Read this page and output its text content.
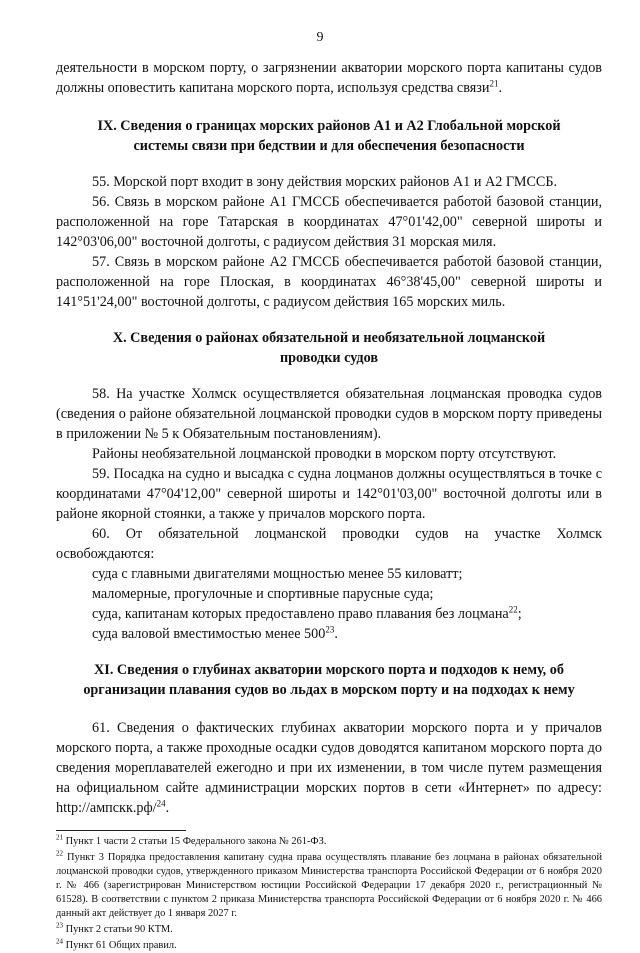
9

деятельности в морском порту, о загрязнении акватории морского порта капитаны судов должны оповестить капитана морского порта, используя средства связи$^{21}$.

IX. Сведения о границах морских районов А1 и А2 Глобальной морской системы связи при бедствии и для обеспечения безопасности

55. Морской порт входит в зону действия морских районов А1 и А2 ГМССБ.

56. Связь в морском районе А1 ГМССБ обеспечивается работой базовой станции, расположенной на горе Татарская в координатах 47°01'42,00" северной широты и 142°03'06,00" восточной долготы, с радиусом действия 31 морская миля.

57. Связь в морском районе А2 ГМССБ обеспечивается работой базовой станции, расположенной на горе Плоская, в координатах 46°38'45,00" северной широты и 141°51'24,00" восточной долготы, с радиусом действия 165 морских миль.

X. Сведения о районах обязательной и необязательной лоцманской проводки судов

58. На участке Холмск осуществляется обязательная лоцманская проводка судов (сведения о районе обязательной лоцманской проводки судов в морском порту приведены в приложении № 5 к Обязательным постановлениям).

Районы необязательной лоцманской проводки в морском порту отсутствуют.

59. Посадка на судно и высадка с судна лоцманов должны осуществляться в точке с координатами 47°04'12,00" северной широты и 142°01'03,00" восточной долготы или в районе якорной стоянки, а также у причалов морского порта.

60. От обязательной лоцманской проводки судов на участке Холмск освобождаются:

суда с главными двигателями мощностью менее 55 киловатт;

маломерные, прогулочные и спортивные парусные суда;

суда, капитанам которых предоставлено право плавания без лоцмана$^{22}$;

суда валовой вместимостью менее $500^{23}$.

XI. Сведения о глубинах акватории морского порта и подходов к нему, об организации плавания судов во льдах в морском порту и на подходах к нему

61. Сведения о фактических глубинах акватории морского порта и у причалов морского порта, а также проходные осадки судов доводятся капитаном морского порта до сведения мореплавателей ежегодно и при их изменении, в том числе путем размещения на официальном сайте администрации морских портов в сети «Интернет» по адресу: http://ампскк.рф/$^{24}$.

$^{21}$ Пункт 1 части 2 статьи 15 Федерального закона № 261-ФЗ.

$^{22}$ Пункт 3 Порядка предоставления капитану судна права осуществлять плавание без лоцмана в районах обязательной лоцманской проводки судов, утвержденного приказом Министерства транспорта Российской Федерации от 6 ноября 2020 г. № 466 (зарегистрирован Министерством юстиции Российской Федерации 17 декабря 2020 г., регистрационный № 61528). В соответствии с пунктом 2 приказа Министерства транспорта Российской Федерации от 6 ноября 2020 г. № 466 данный акт действует до 1 января 2027 г.

$^{23}$ Пункт 2 статьи 90 КТМ.

$^{24}$ Пункт 61 Общих правил.
